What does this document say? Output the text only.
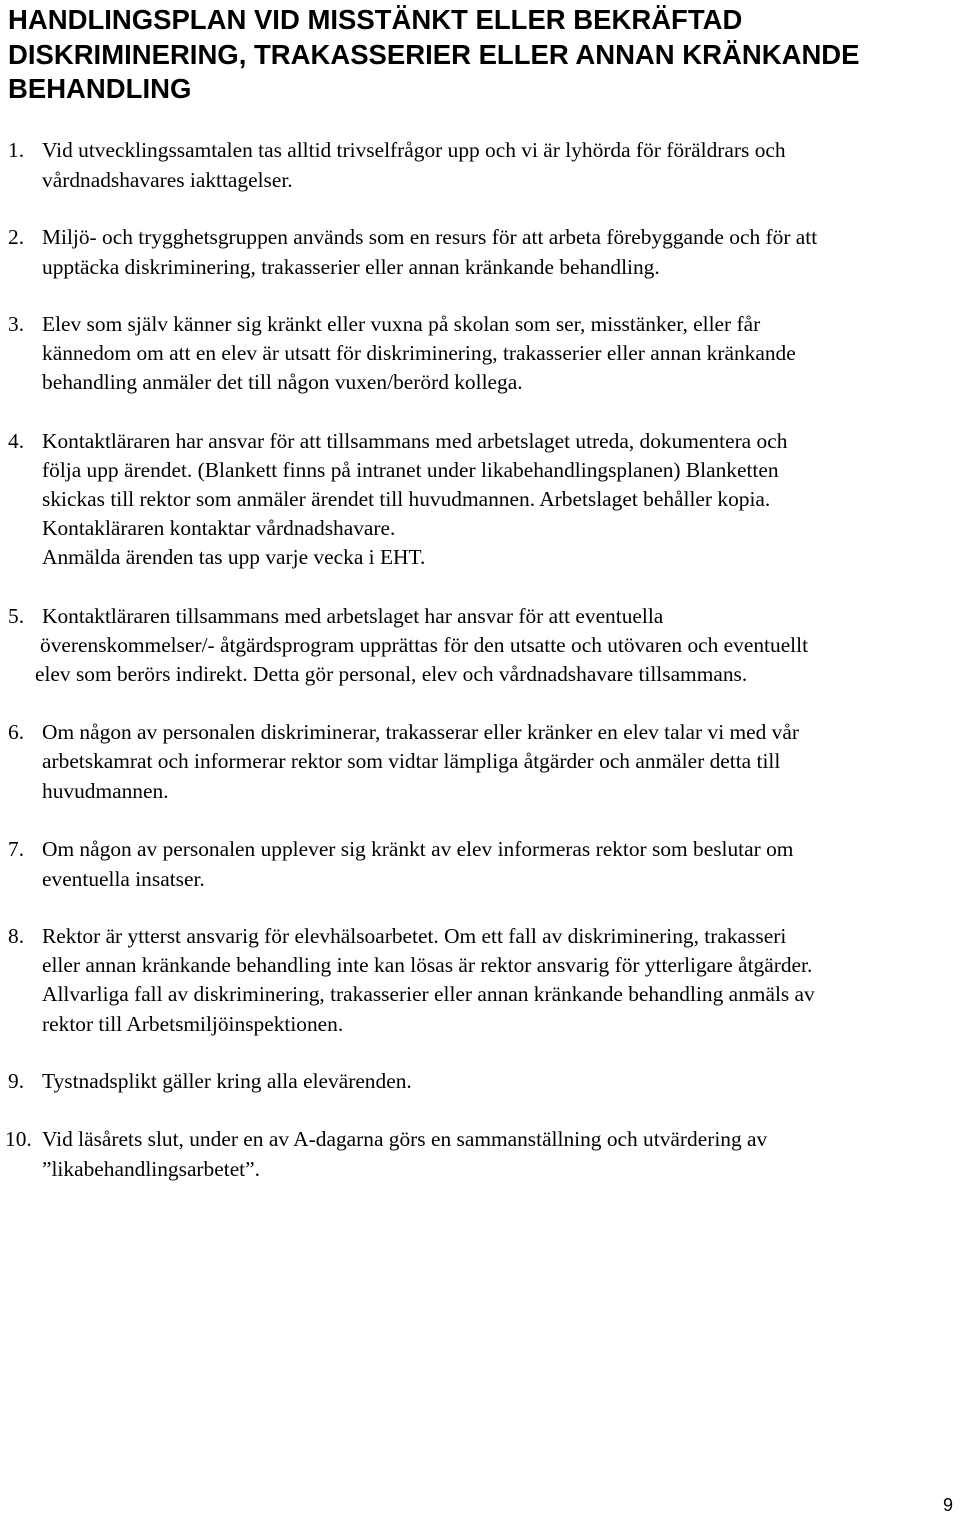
HANDLINGSPLAN VID MISSTÄNKT ELLER BEKRÄFTAD
DISKRIMINERING, TRAKASSERIER ELLER ANNAN KRÄNKANDE
BEHANDLING
1. Vid utvecklingssamtalen tas alltid trivselfrågor upp och vi är lyhörda för föräldrars och
vårdnadshavares iakttagelser.
2. Miljö- och trygghetsgruppen används som en resurs för att arbeta förebyggande och för att
upptäcka diskriminering, trakasserier eller annan kränkande behandling.
3. Elev som själv känner sig kränkt eller vuxna på skolan som ser, misstänker, eller får
kännedom om att en elev är utsatt för diskriminering, trakasserier eller annan kränkande
behandling anmäler det till någon vuxen/berörd kollega.
4. Kontaktläraren har ansvar för att tillsammans med arbetslaget utreda, dokumentera och
följa upp ärendet. (Blankett finns på intranet under likabehandlingsplanen) Blanketten
skickas till rektor som anmäler ärendet till huvudmannen. Arbetslaget behåller kopia.
Kontakläraren kontaktar vårdnadshavare.
Anmälda ärenden tas upp varje vecka i EHT.
5. Kontaktläraren tillsammans med arbetslaget har ansvar för att eventuella
överenskommelser/- åtgärdsprogram upprättas för den utsatte och utövaren och eventuellt
elev som berörs indirekt. Detta gör personal, elev och vårdnadshavare tillsammans.
6. Om någon av personalen diskriminerar, trakasserar eller kränker en elev talar vi med vår
arbetskamrat och informerar rektor som vidtar lämpliga åtgärder och anmäler detta till
huvudmannen.
7. Om någon av personalen upplever sig kränkt av elev informeras rektor som beslutar om
eventuella insatser.
8. Rektor är ytterst ansvarig för elevhälsoarbetet. Om ett fall av diskriminering, trakasseri
eller annan kränkande behandling inte kan lösas är rektor ansvarig för ytterligare åtgärder.
Allvarliga fall av diskriminering, trakasserier eller annan kränkande behandling anmäls av
rektor till Arbetsmiljöinspektionen.
9. Tystnadsplikt gäller kring alla elevärenden.
10. Vid läsårets slut, under en av A-dagarna görs en sammanställning och utvärdering av
”likabehandlingsarbetet”.
9
